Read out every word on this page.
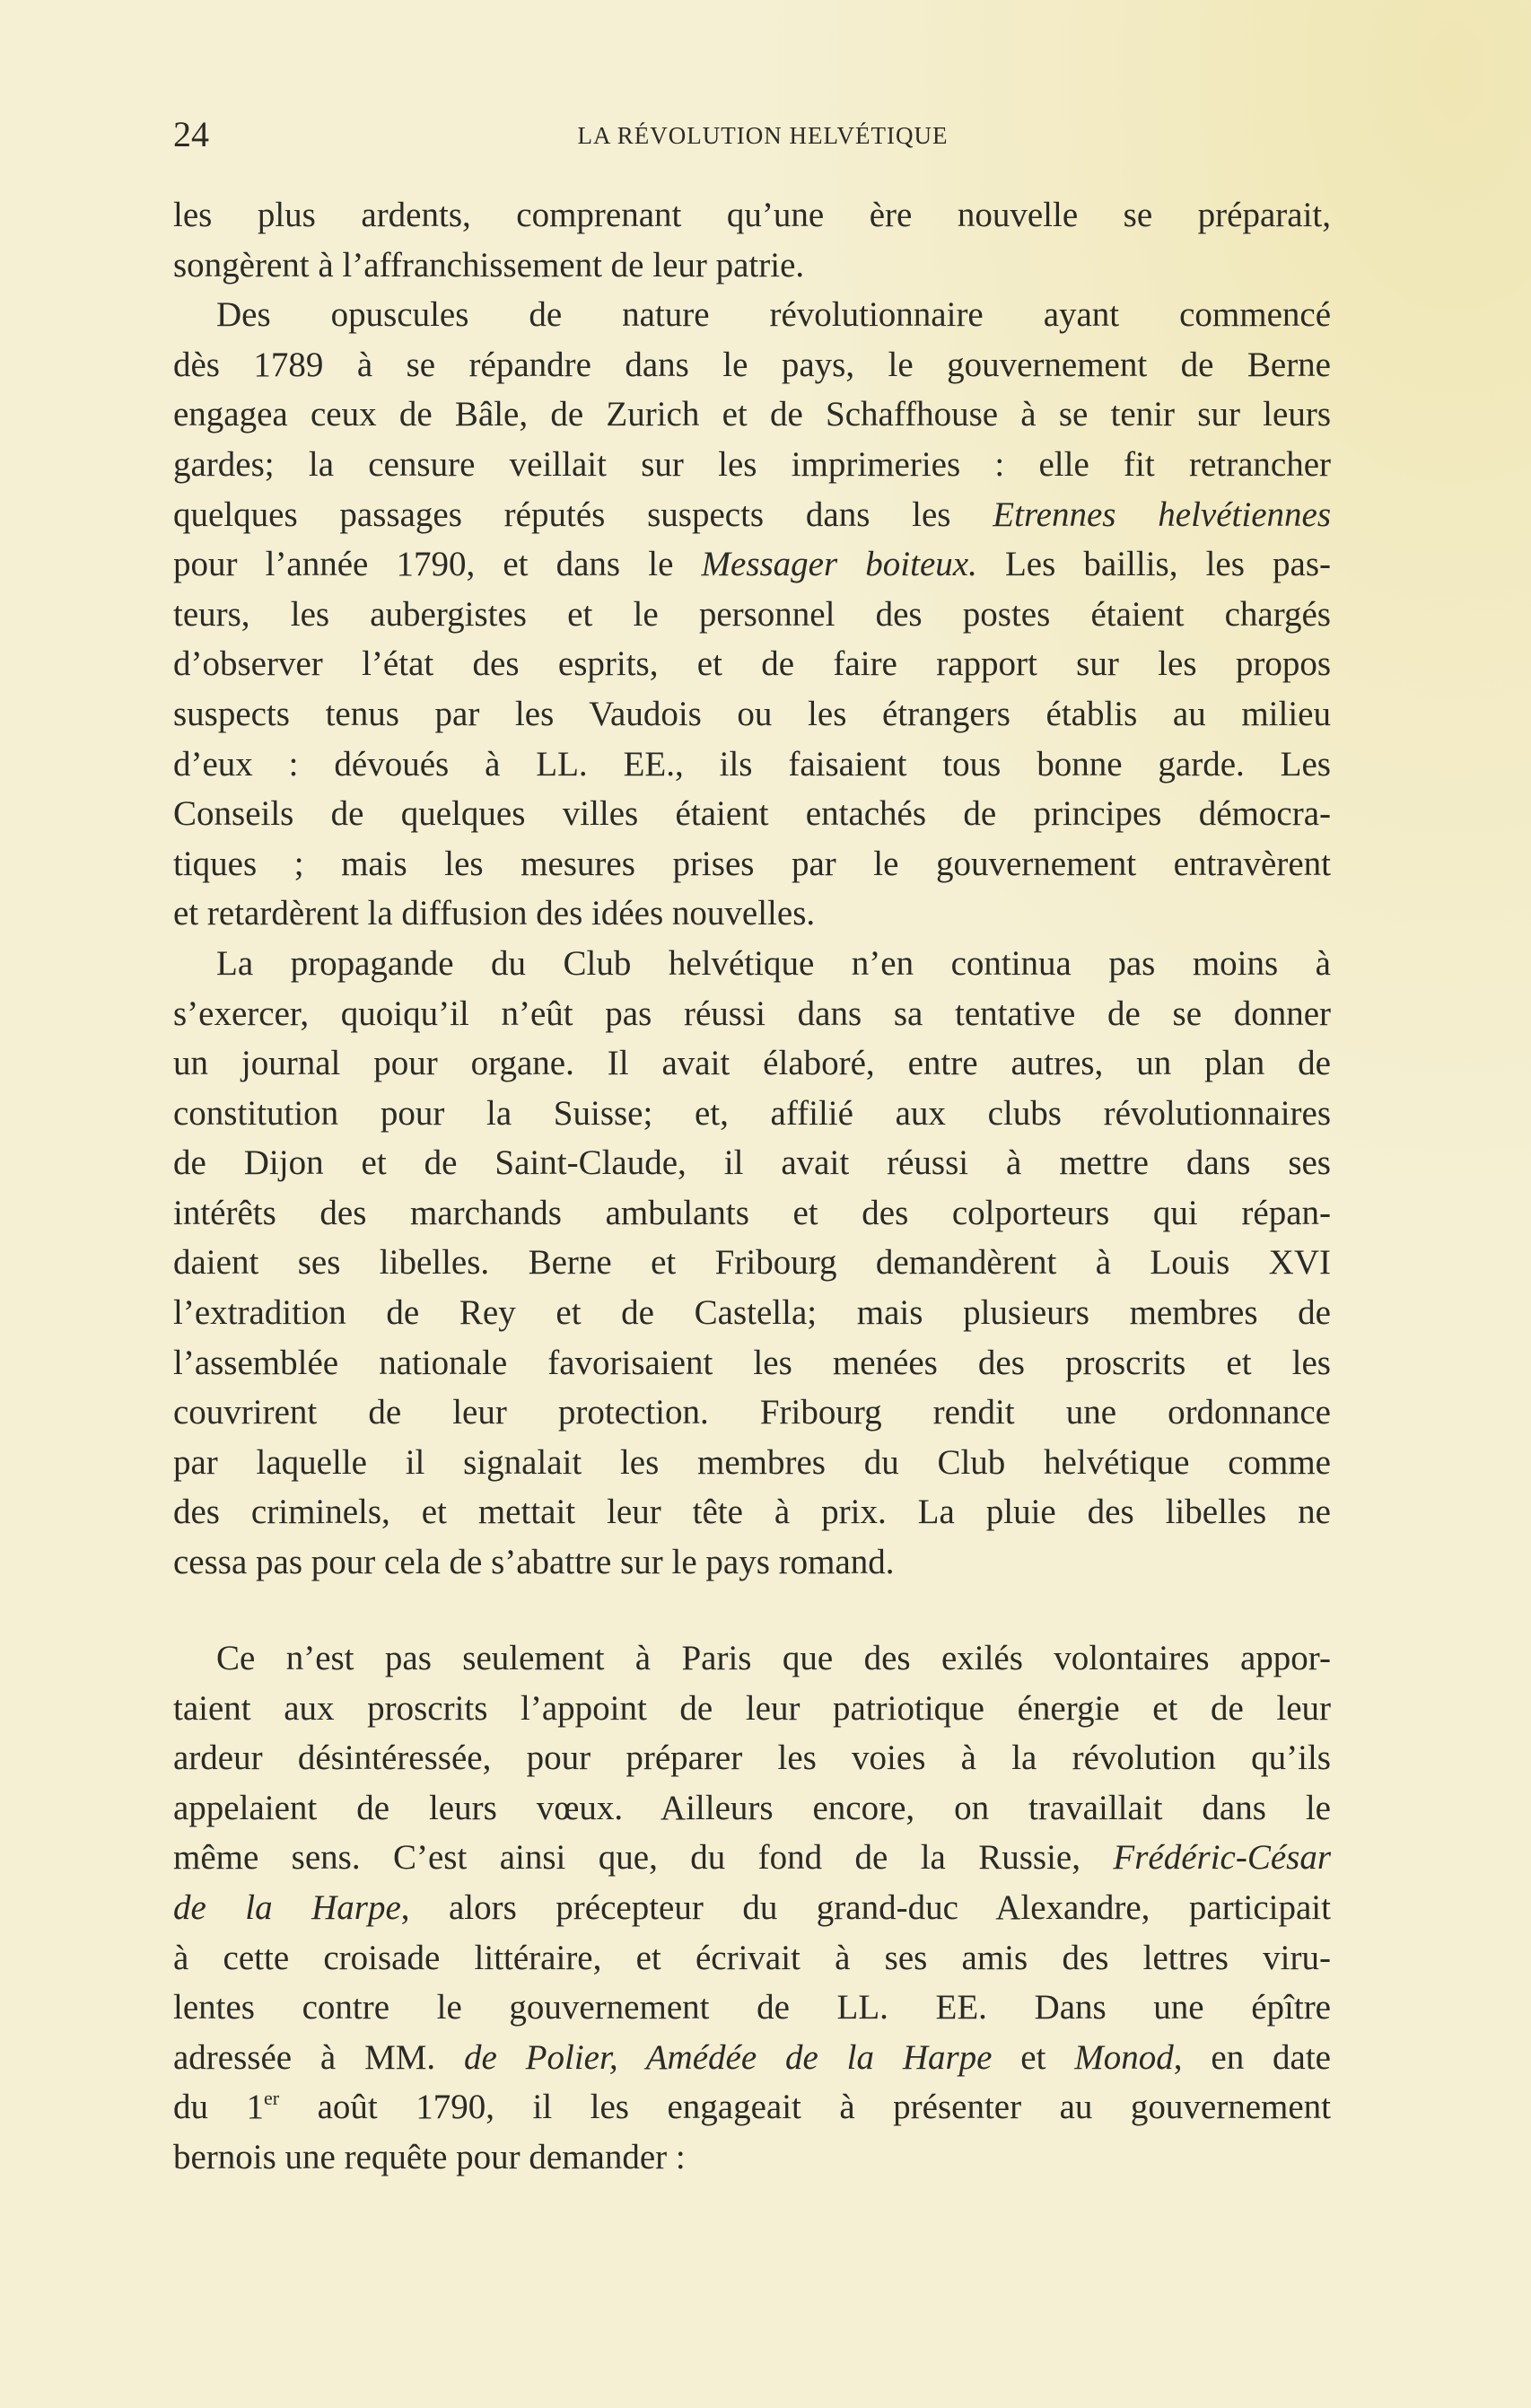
24	LA RÉVOLUTION HELVÉTIQUE
les plus ardents, comprenant qu’une ère nouvelle se préparait,
songèrent à l’affranchissement de leur patrie.
Des opuscules de nature révolutionnaire ayant commencé
dès 1789 à se répandre dans le pays, le gouvernement de Berne
engagea ceux de Bâle, de Zurich et de Schaffhouse à se tenir sur leurs
gardes; la censure veillait sur les imprimeries : elle fit retrancher
quelques passages réputés suspects dans les Etrennes helvétiennes
pour l’année 1790, et dans le Messager boiteux. Les baillis, les pas-
teurs, les aubergistes et le personnel des postes étaient chargés
d’observer l’état des esprits, et de faire rapport sur les propos
suspects tenus par les Vaudois ou les étrangers établis au milieu
d’eux : dévoués à LL. EE., ils faisaient tous bonne garde. Les
Conseils de quelques villes étaient entachés de principes démocra-
tiques ; mais les mesures prises par le gouvernement entravèrent
et retardèrent la diffusion des idées nouvelles.
La propagande du Club helvétique n’en continua pas moins à
s’exercer, quoiqu’il n’eût pas réussi dans sa tentative de se donner
un journal pour organe. Il avait élaboré, entre autres, un plan de
constitution pour la Suisse; et, affilié aux clubs révolutionnaires
de Dijon et de Saint-Claude, il avait réussi à mettre dans ses
intérêts des marchands ambulants et des colporteurs qui répan-
daient ses libelles. Berne et Fribourg demandèrent à Louis XVI
l’extradition de Rey et de Castella; mais plusieurs membres de
l’assemblée nationale favorisaient les menées des proscrits et les
couvrirent de leur protection. Fribourg rendit une ordonnance
par laquelle il signalait les membres du Club helvétique comme
des criminels, et mettait leur tête à prix. La pluie des libelles ne
cessa pas pour cela de s’abattre sur le pays romand.
Ce n’est pas seulement à Paris que des exilés volontaires appor-
taient aux proscrits l’appoint de leur patriotique énergie et de leur
ardeur désintéressée, pour préparer les voies à la révolution qu’ils
appelaient de leurs vœux. Ailleurs encore, on travaillait dans le
même sens. C’est ainsi que, du fond de la Russie, Frédéric-César
de la Harpe, alors précepteur du grand-duc Alexandre, participait
à cette croisade littéraire, et écrivait à ses amis des lettres viru-
lentes contre le gouvernement de LL. EE. Dans une épître
adressée à MM. de Polier, Amédée de la Harpe et Monod, en date
du 1er août 1790, il les engageait à présenter au gouvernement
bernois une requête pour demander :
